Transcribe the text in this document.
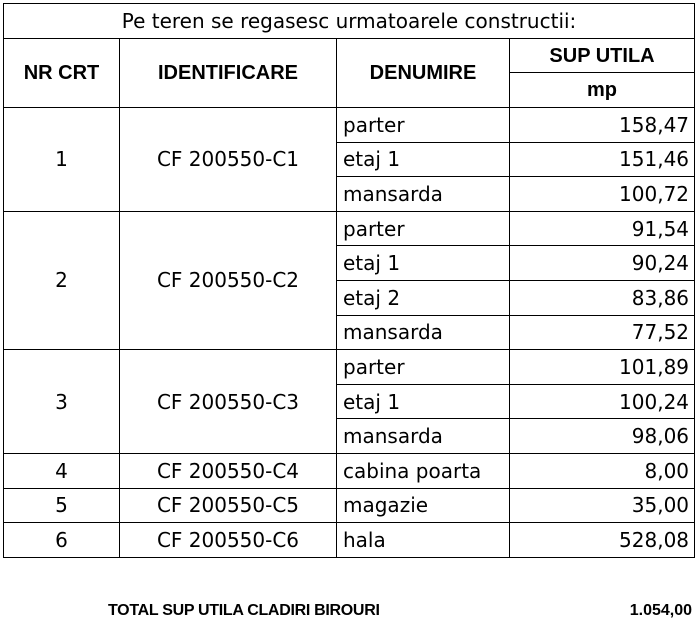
Pe teren se regasesc urmatoarele constructii:			
NR CRT	IDENTIFICARE	DENUMIRE	SUP UTILA
			mp
1	CF 200550-C1	parter	158,47
		etaj 1	151,46
		mansarda	100,72
2	CF 200550-C2	parter	91,54
		etaj 1	90,24
		etaj 2	83,86
		mansarda	77,52
3	CF 200550-C3	parter	101,89
		etaj 1	100,24
		mansarda	98,06
4	CF 200550-C4	cabina poarta	8,00
5	CF 200550-C5	magazie	35,00
6	CF 200550-C6	hala	528,08
TOTAL SUP UTILA CLADIRI BIROURI	1.054,00
